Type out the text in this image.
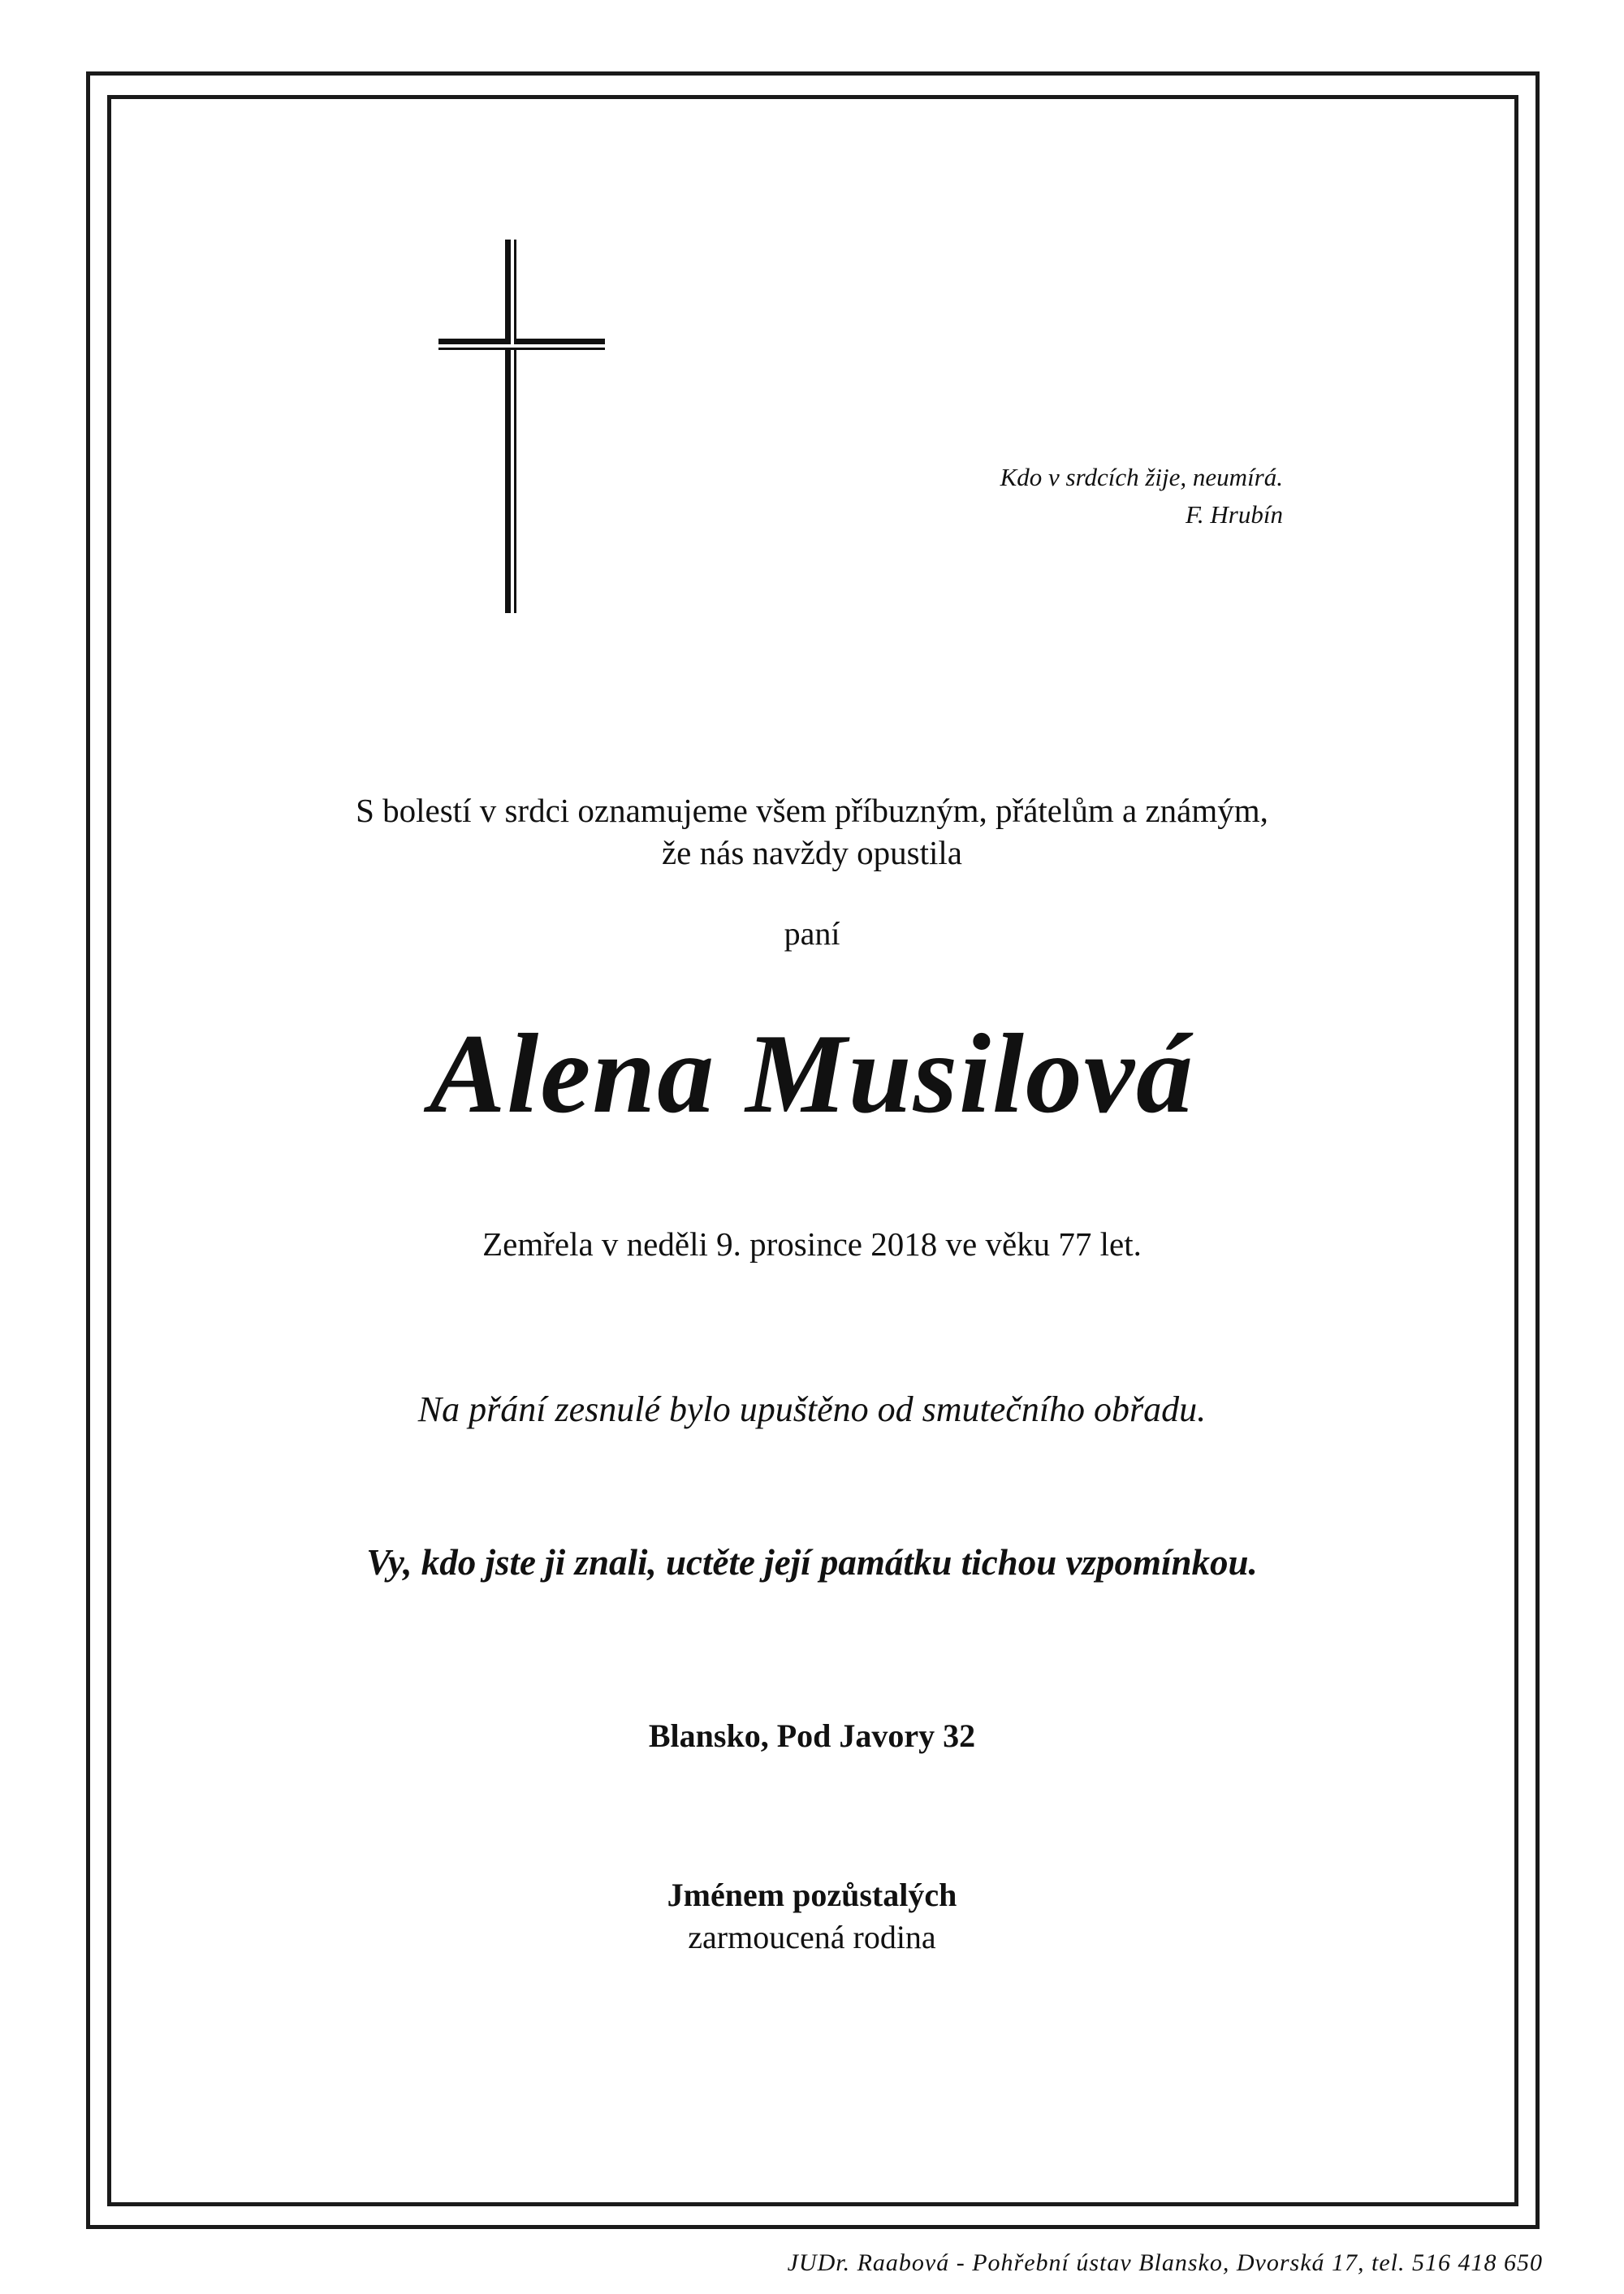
Kdo v srdcích žije, neumírá.
F. Hrubín
S bolestí v srdci oznamujeme všem příbuzným, přátelům a známým,
že nás navždy opustila
paní
Alena Musilová
Zemřela v neděli 9. prosince 2018 ve věku 77 let.
Na přání zesnulé bylo upuštěno od smutečního obřadu.
Vy, kdo jste ji znali, uctěte její památku tichou vzpomínkou.
Blansko, Pod Javory 32
Jménem pozůstalých
zarmoucená rodina
JUDr. Raabová - Pohřební ústav Blansko, Dvorská 17, tel. 516 418 650
